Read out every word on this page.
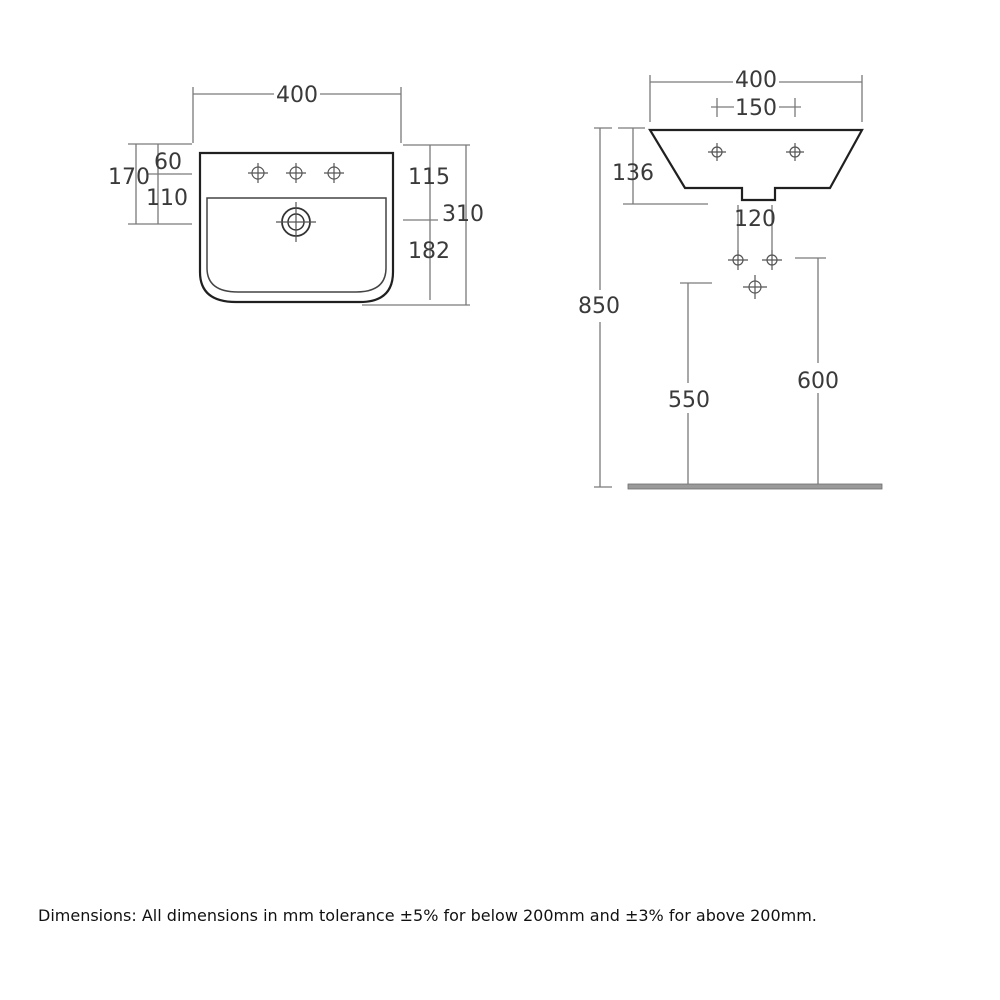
400
60
170
110
115
310
182
400
150
136
120
850
550
600
Dimensions: All dimensions in mm tolerance ±5% for below 200mm and ±3% for above 200mm.
